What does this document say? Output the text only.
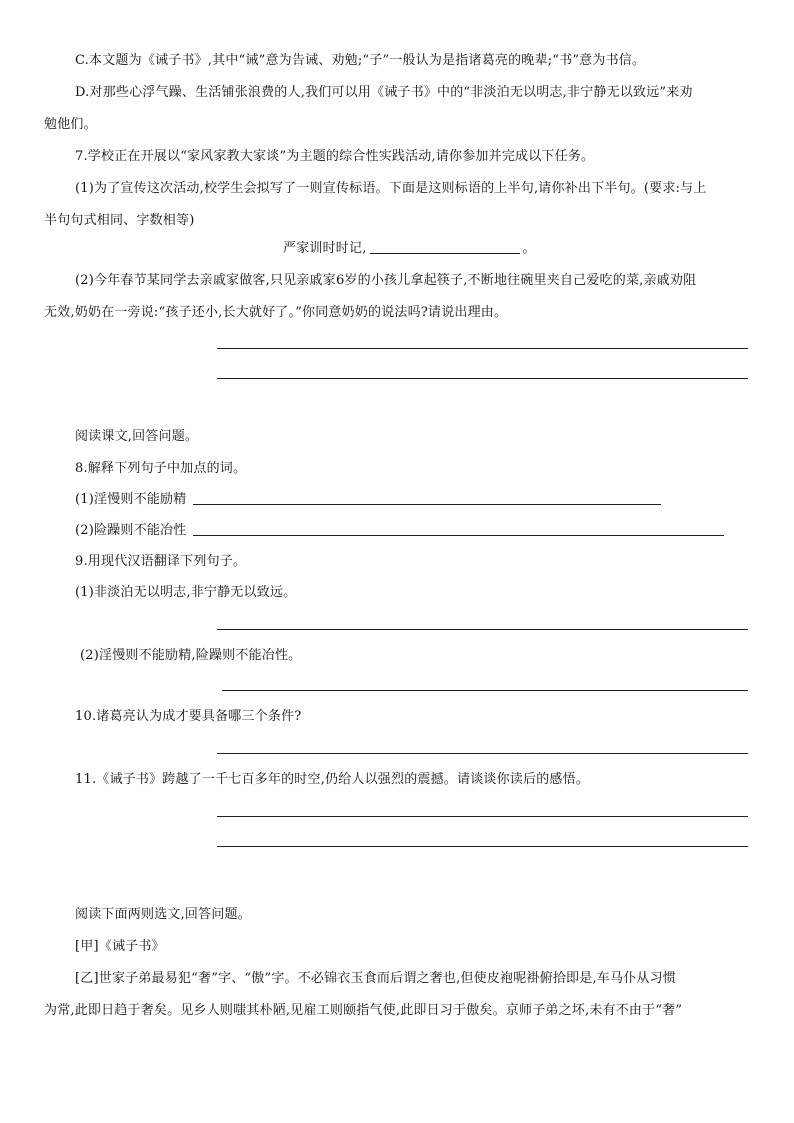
C.本文题为《诫子书》,其中“诫”意为告诫、劝勉;“子”一般认为是指诸葛亮的晚辈;“书”意为书信。
D.对那些心浮气躁、生活铺张浪费的人,我们可以用《诫子书》中的“非淡泊无以明志,非宁静无以致远”来劝
勉他们。
7.学校正在开展以“家风家教大家谈”为主题的综合性实践活动,请你参加并完成以下任务。
(1)为了宣传这次活动,校学生会拟写了一则宣传标语。下面是这则标语的上半句,请你补出下半句。(要求:与上
半句句式相同、字数相等)
严家训时时记,	。
(2)今年春节某同学去亲戚家做客,只见亲戚家6岁的小孩儿拿起筷子,不断地往碗里夹自己爱吃的菜,亲戚劝阻
无效,奶奶在一旁说:“孩子还小,长大就好了。”你同意奶奶的说法吗?请说出理由。
阅读课文,回答问题。
8.解释下列句子中加点的词。
(1)淫慢则不能励精
(2)险躁则不能冶性
9.用现代汉语翻译下列句子。
(1)非淡泊无以明志,非宁静无以致远。
(2)淫慢则不能励精,险躁则不能冶性。
10.诸葛亮认为成才要具备哪三个条件?
11.《诫子书》跨越了一千七百多年的时空,仍给人以强烈的震撼。请谈谈你读后的感悟。
阅读下面两则选文,回答问题。
[甲]《诫子书》
[乙]世家子弟最易犯“奢”字、“傲”字。不必锦衣玉食而后谓之奢也,但使皮袍呢褂俯拾即是,车马仆从习惯
为常,此即日趋于奢矣。见乡人则嗤其朴陋,见雇工则颐指气使,此即日习于傲矣。京师子弟之坏,未有不由于“奢”
